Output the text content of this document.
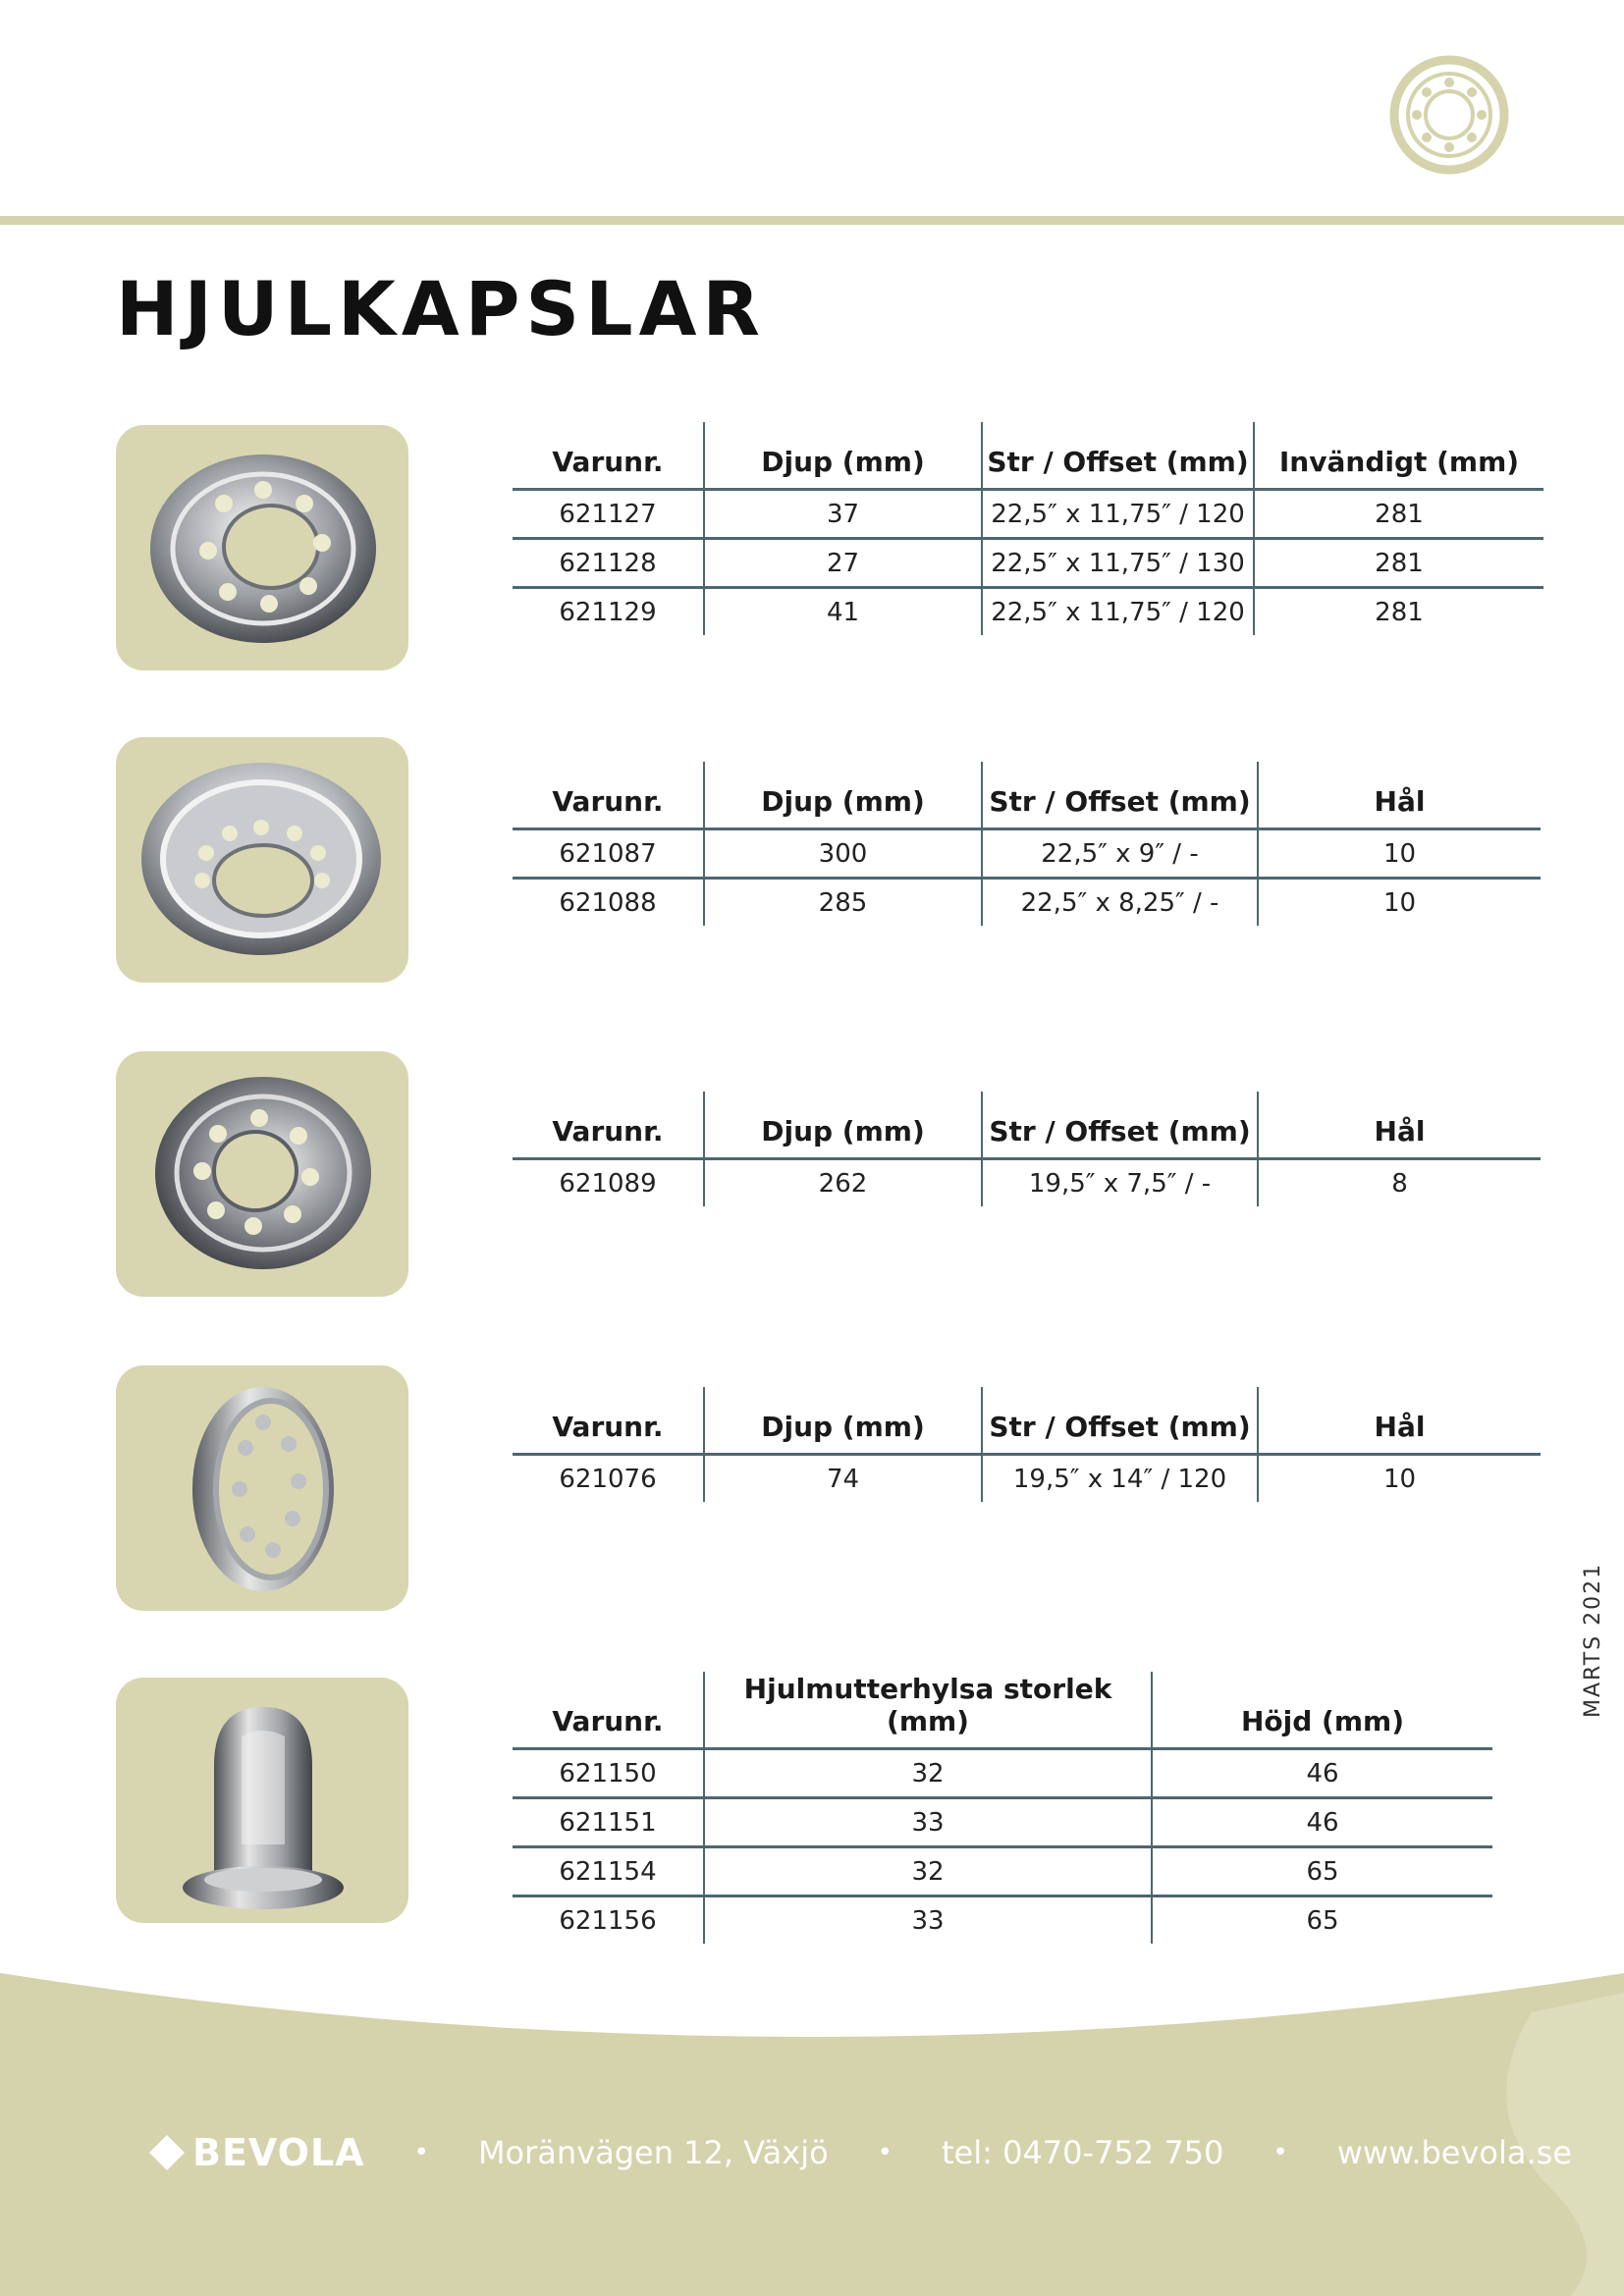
HJULKAPSLAR
Varunr.	Djup (mm)	Str / Offset (mm)	Invändigt (mm)
621127	37	22,5″ x 11,75″ / 120	281
621128	27	22,5″ x 11,75″ / 130	281
621129	41	22,5″ x 11,75″ / 120	281
Varunr.	Djup (mm)	Str / Offset (mm)	Hål
621087	300	22,5″ x 9″ / -	10
621088	285	22,5″ x 8,25″ / -	10
Varunr.	Djup (mm)	Str / Offset (mm)	Hål
621089	262	19,5″ x 7,5″ / -	8
Varunr.	Djup (mm)	Str / Offset (mm)	Hål
621076	74	19,5″ x 14″ / 120	10
Varunr.	Hjulmutterhylsa storlek (mm)	Höjd (mm)
621150	32	46
621151	33	46
621154	32	65
621156	33	65
MARTS 2021
BEVOLA • Moränvägen 12, Växjö • tel: 0470-752 750 • www.bevola.se
